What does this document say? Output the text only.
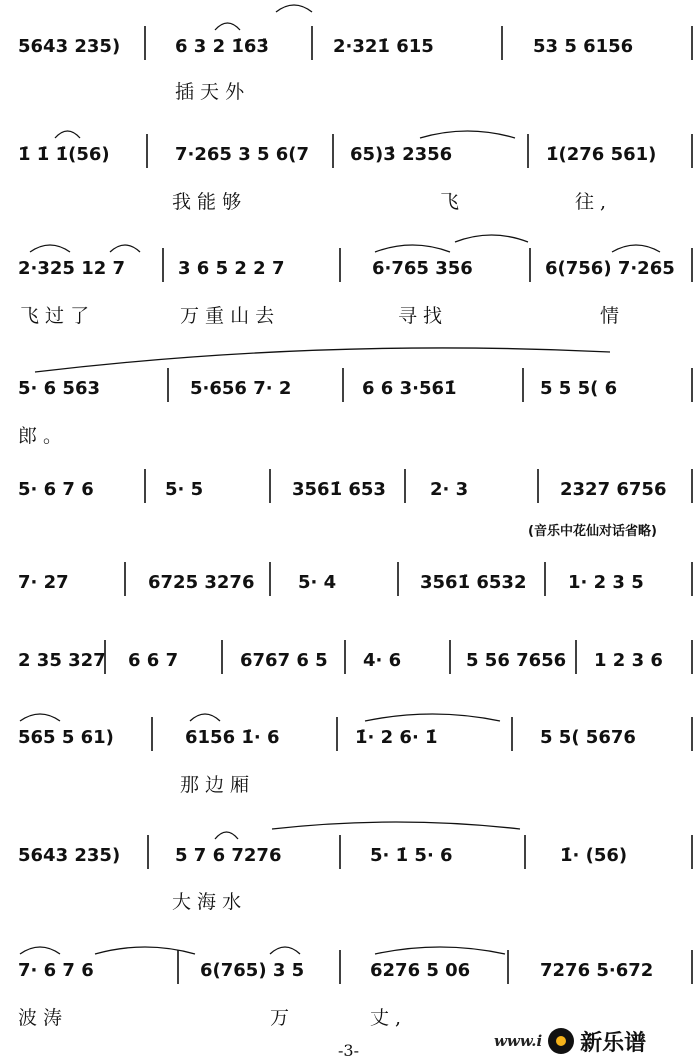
5643 235)	6 3 2 1̇63̇	2·321̇ 615	53 5 6156
插 天 外
1̇ 1̇ 1̇(56)	7·265 3 5 6(7 65)3̇ 2356	1̇(276 561)
我 能 够	飞	往 ,
2·325 12 7	3 6 5 2 2 7	6·765 356	6(756) 7·265
飞 过 了	万 重 山 去	寻 找	情
5· 6 563	5·656 7· 2	6 6 3·561̇	5 5 5( 6
郎 。
5· 6 7 6	5· 5	3561̇ 653 2· 3	2327 6756
(音乐中花仙对话省略)
7· 27	6725 3276 5· 4	3561̇ 6532 1· 2 3 5
2 35 327 6 6 7	6767 6 5 4· 6	5 56 7656 1 2 3 6
565 5 61)	6156 1̇· 6	1̇· 2 6· 1̇	5 5( 5676
那 边 厢
5643 235)	5 7 6 7276	5· 1̇ 5· 6	1̇· (56)
大 海 水
7· 6 7 6	6(765) 3 5	6276 5 06	7276 5·672
波 涛	万	丈 ,
-3-	www.i 新乐谱
